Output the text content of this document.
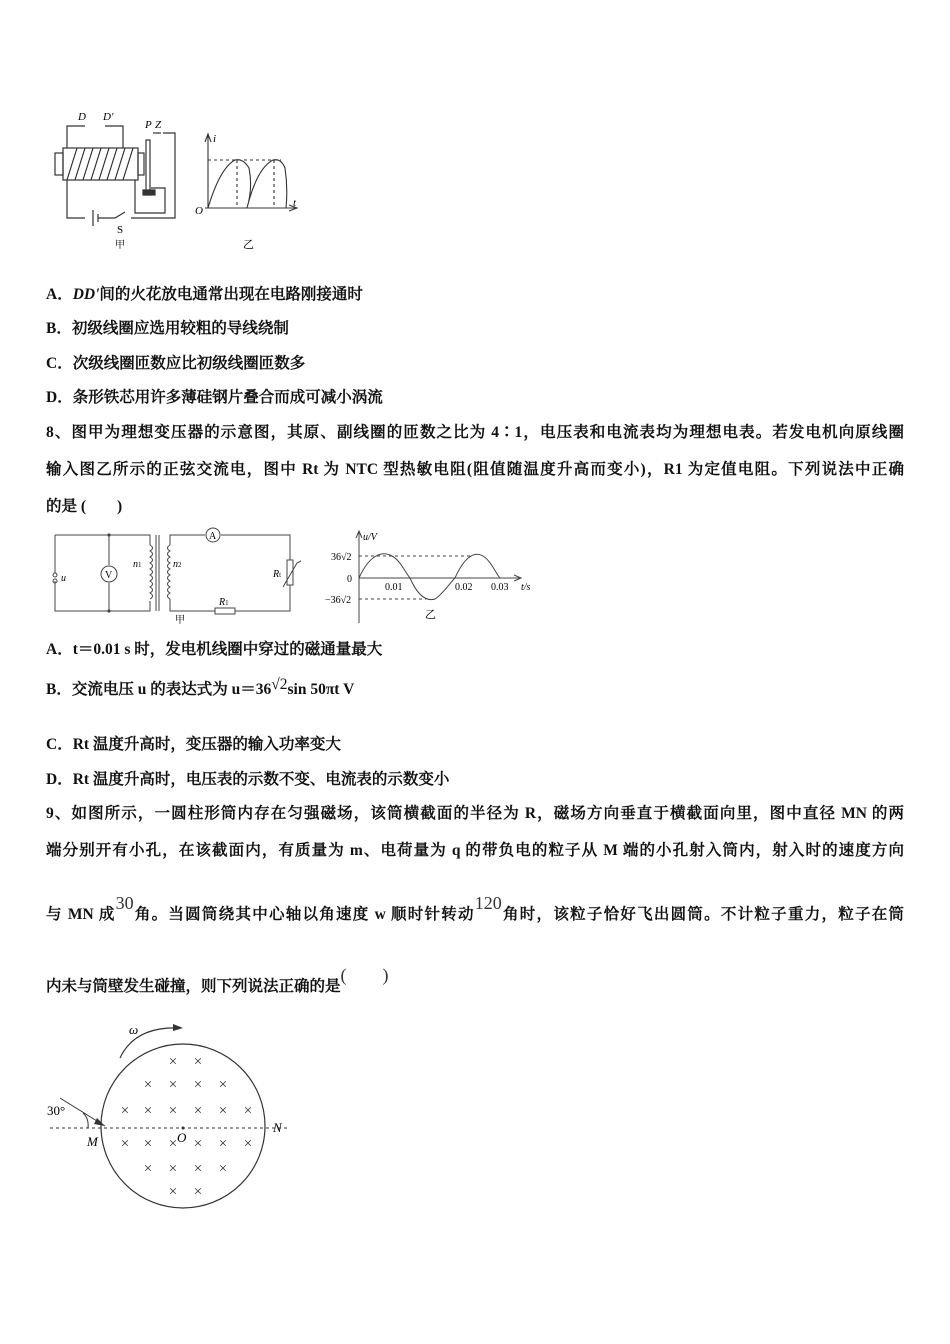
D D'
P Z
S
甲
i
t
O
乙
A．DD'间的火花放电通常出现在电路刚接通时
B．初级线圈应选用较粗的导线绕制
C．次级线圈匝数应比初级线圈匝数多
D．条形铁芯用许多薄硅钢片叠合而成可减小涡流
8、图甲为理想变压器的示意图，其原、副线圈的匝数之比为 4∶1，电压表和电流表均为理想电表。若发电机向原线圈
输入图乙所示的正弦交流电，图中 Rt 为 NTC 型热敏电阻(阻值随温度升高而变小)，R1 为定值电阻。下列说法中正确
的是 (　　)
V
A
u
n1	n2
R1
Rt
甲
u/V
36√2
0
−36√2
0.01	0.02 0.03 t/s
乙
A．t＝0.01 s 时，发电机线圈中穿过的磁通量最大
B．交流电压 u 的表达式为 u＝36√2sin 50πt V
C．Rt 温度升高时，变压器的输入功率变大
D．Rt 温度升高时，电压表的示数不变、电流表的示数变小
9、如图所示，一圆柱形筒内存在匀强磁场，该筒横截面的半径为 R，磁场方向垂直于横截面向里，图中直径 MN 的两
端分别开有小孔，在该截面内，有质量为 m、电荷量为 q 的带负电的粒子从 M 端的小孔射入筒内，射入时的速度方向
与 MN 成30角。当圆筒绕其中心轴以角速度 w 顺时针转动120角时，该粒子恰好飞出圆筒。不计粒子重力，粒子在筒
内未与筒壁发生碰撞，则下列说法正确的是(　　)
× ×
× × × ×
× × × × × ×
× × × × × ×
× × × ×
× ×
ω
30°
M
N
O
